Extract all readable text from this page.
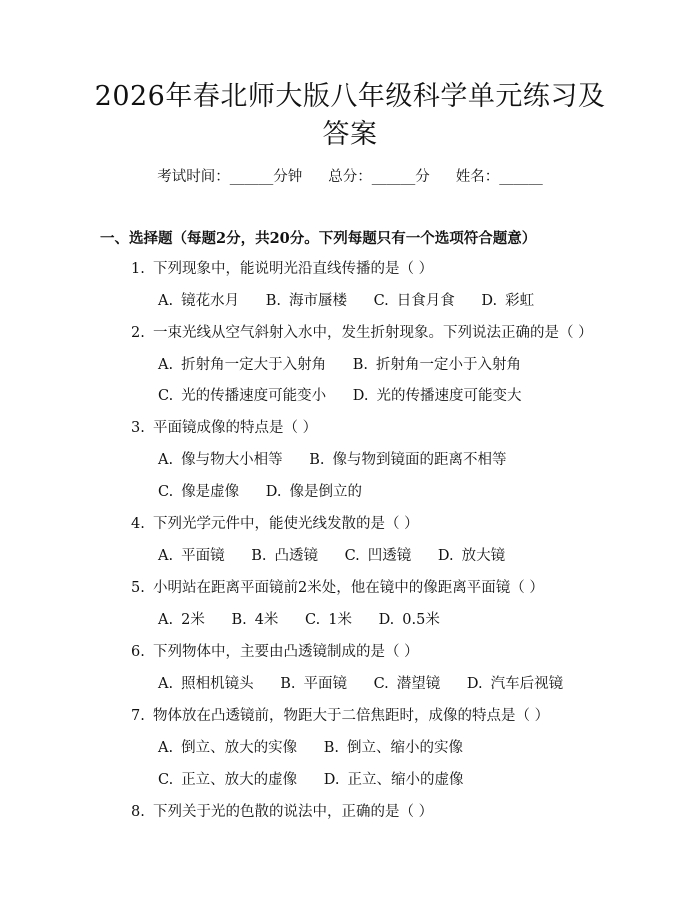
2026年春北师大版八年级科学单元练习及答案
考试时间：______分钟 总分：______分 姓名：______
一、选择题（每题2分，共20分。下列每题只有一个选项符合题意）
1. 下列现象中，能说明光沿直线传播的是（ ）
A. 镜花水月 B. 海市蜃楼 C. 日食月食 D. 彩虹
2. 一束光线从空气斜射入水中，发生折射现象。下列说法正确的是（ ）
A. 折射角一定大于入射角 B. 折射角一定小于入射角
C. 光的传播速度可能变小 D. 光的传播速度可能变大
3. 平面镜成像的特点是（ ）
A. 像与物大小相等 B. 像与物到镜面的距离不相等
C. 像是虚像 D. 像是倒立的
4. 下列光学元件中，能使光线发散的是（ ）
A. 平面镜 B. 凸透镜 C. 凹透镜 D. 放大镜
5. 小明站在距离平面镜前2米处，他在镜中的像距离平面镜（ ）
A. 2米 B. 4米 C. 1米 D. 0.5米
6. 下列物体中，主要由凸透镜制成的是（ ）
A. 照相机镜头 B. 平面镜 C. 潜望镜 D. 汽车后视镜
7. 物体放在凸透镜前，物距大于二倍焦距时，成像的特点是（ ）
A. 倒立、放大的实像 B. 倒立、缩小的实像
C. 正立、放大的虚像 D. 正立、缩小的虚像
8. 下列关于光的色散的说法中，正确的是（ ）
